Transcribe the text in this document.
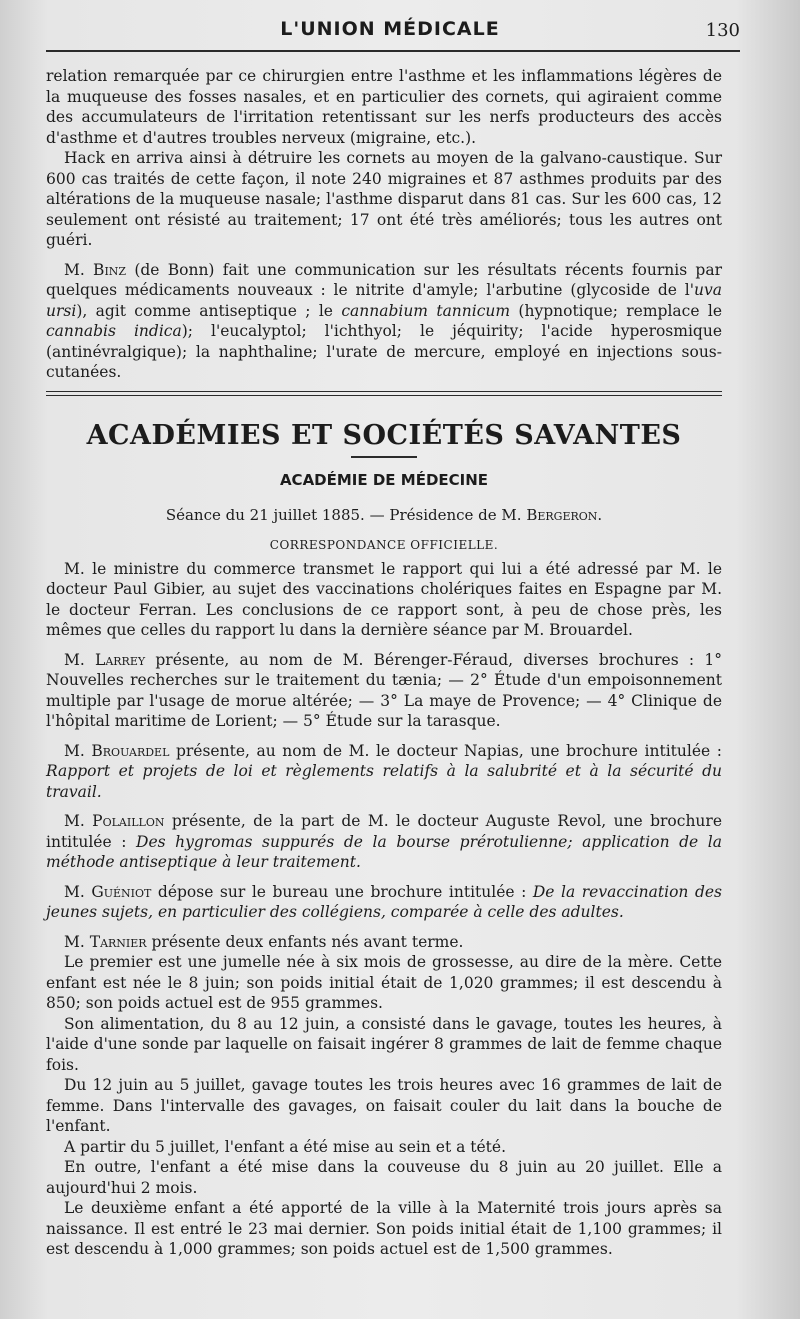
L'UNION MÉDICALE	130

relation remarquée par ce chirurgien entre l'asthme et les inflammations légères de la muqueuse des fosses nasales, et en particulier des cornets, qui agiraient comme des accumulateurs de l'irritation retentissant sur les nerfs producteurs des accès d'asthme et d'autres troubles nerveux (migraine, etc.).

Hack en arriva ainsi à détruire les cornets au moyen de la galvano-caustique. Sur 600 cas traités de cette façon, il note 240 migraines et 87 asthmes produits par des altérations de la muqueuse nasale; l'asthme disparut dans 81 cas. Sur les 600 cas, 12 seulement ont résisté au traitement; 17 ont été très améliorés; tous les autres ont guéri.

M. Binz (de Bonn) fait une communication sur les résultats récents fournis par quelques médicaments nouveaux : le nitrite d'amyle; l'arbutine (glycoside de l'uva ursi), agit comme antiseptique ; le cannabium tannicum (hypnotique; remplace le cannabis indica); l'eucalyptol; l'ichthyol; le jéquirity; l'acide hyperosmique (antinévralgique); la naphthaline; l'urate de mercure, employé en injections sous-cutanées.

ACADÉMIES ET SOCIÉTÉS SAVANTES
ACADÉMIE DE MÉDECINE
Séance du 21 juillet 1885. — Présidence de M. Bergeron.
CORRESPONDANCE OFFICIELLE.

M. le ministre du commerce transmet le rapport qui lui a été adressé par M. le docteur Paul Gibier, au sujet des vaccinations cholériques faites en Espagne par M. le docteur Ferran. Les conclusions de ce rapport sont, à peu de chose près, les mêmes que celles du rapport lu dans la dernière séance par M. Brouardel.

M. Larrey présente, au nom de M. Bérenger-Féraud, diverses brochures : 1° Nouvelles recherches sur le traitement du tænia; — 2° Étude d'un empoisonnement multiple par l'usage de morue altérée; — 3° La maye de Provence; — 4° Clinique de l'hôpital maritime de Lorient; — 5° Étude sur la tarasque.

M. Brouardel présente, au nom de M. le docteur Napias, une brochure intitulée : Rapport et projets de loi et règlements relatifs à la salubrité et à la sécurité du travail.

M. Polaillon présente, de la part de M. le docteur Auguste Revol, une brochure intitulée : Des hygromas suppurés de la bourse prérotulienne; application de la méthode antiseptique à leur traitement.

M. Guéniot dépose sur le bureau une brochure intitulée : De la revaccination des jeunes sujets, en particulier des collégiens, comparée à celle des adultes.

M. Tarnier présente deux enfants nés avant terme.

Le premier est une jumelle née à six mois de grossesse, au dire de la mère. Cette enfant est née le 8 juin; son poids initial était de 1,020 grammes; il est descendu à 850; son poids actuel est de 955 grammes.

Son alimentation, du 8 au 12 juin, a consisté dans le gavage, toutes les heures, à l'aide d'une sonde par laquelle on faisait ingérer 8 grammes de lait de femme chaque fois.

Du 12 juin au 5 juillet, gavage toutes les trois heures avec 16 grammes de lait de femme. Dans l'intervalle des gavages, on faisait couler du lait dans la bouche de l'enfant.

A partir du 5 juillet, l'enfant a été mise au sein et a tété.

En outre, l'enfant a été mise dans la couveuse du 8 juin au 20 juillet. Elle a aujourd'hui 2 mois.

Le deuxième enfant a été apporté de la ville à la Maternité trois jours après sa naissance. Il est entré le 23 mai dernier. Son poids initial était de 1,100 grammes; il est descendu à 1,000 grammes; son poids actuel est de 1,500 grammes.
